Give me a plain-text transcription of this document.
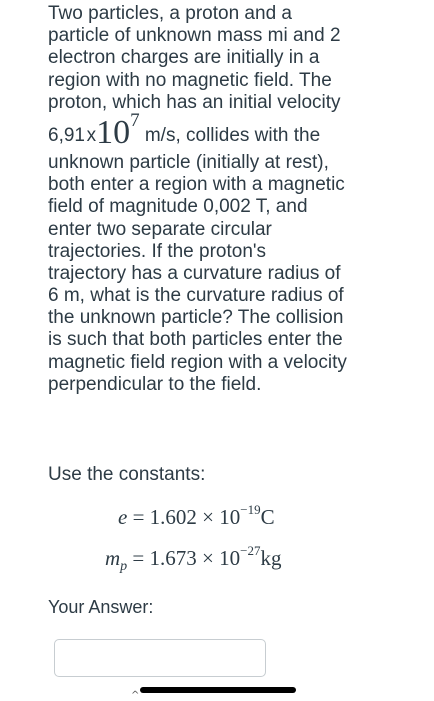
Two particles, a proton and a
particle of unknown mass mi and 2
electron charges are initially in a
region with no magnetic field. The
proton, which has an initial velocity
6,91 x107 m/s, collides with the
unknown particle (initially at rest),
both enter a region with a magnetic
field of magnitude 0,002 T, and
enter two separate circular
trajectories. If the proton's
trajectory has a curvature radius of
6 m, what is the curvature radius of
the unknown particle? The collision
is such that both particles enter the
magnetic field region with a velocity
perpendicular to the field.

Use the constants:

$e = 1.602 \times 10^{-19}C$
$m_p = 1.673 \times 10^{-27}kg$

Your Answer:

^
